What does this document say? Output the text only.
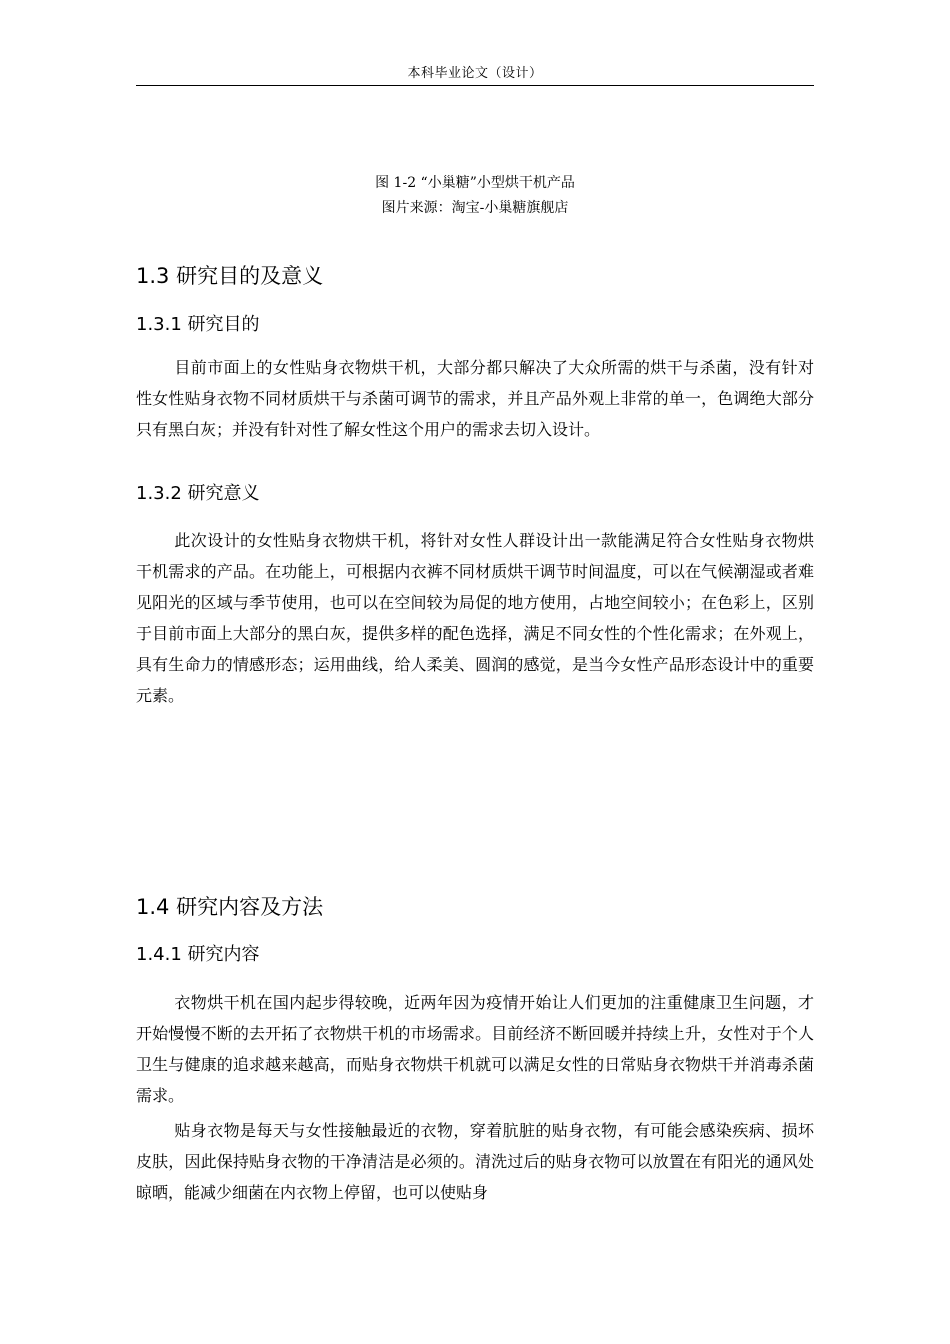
本科毕业论文（设计）
图 1-2 “小巢糖”小型烘干机产品
图片来源：淘宝-小巢糖旗舰店
1.3 研究目的及意义
1.3.1 研究目的

目前市面上的女性贴身衣物烘干机，大部分都只解决了大众所需的烘干与杀菌，没有针对性女性贴身衣物不同材质烘干与杀菌可调节的需求，并且产品外观上非常的单一，色调绝大部分只有黑白灰；并没有针对性了解女性这个用户的需求去切入设计。

1.3.2 研究意义

此次设计的女性贴身衣物烘干机，将针对女性人群设计出一款能满足符合女性贴身衣物烘干机需求的产品。在功能上，可根据内衣裤不同材质烘干调节时间温度，可以在气候潮湿或者难见阳光的区域与季节使用，也可以在空间较为局促的地方使用，占地空间较小；在色彩上，区别于目前市面上大部分的黑白灰，提供多样的配色选择，满足不同女性的个性化需求；在外观上，具有生命力的情感形态；运用曲线，给人柔美、圆润的感觉，是当今女性产品形态设计中的重要元素。

1.4 研究内容及方法
1.4.1 研究内容

衣物烘干机在国内起步得较晚，近两年因为疫情开始让人们更加的注重健康卫生问题，才开始慢慢不断的去开拓了衣物烘干机的市场需求。目前经济不断回暖并持续上升，女性对于个人卫生与健康的追求越来越高，而贴身衣物烘干机就可以满足女性的日常贴身衣物烘干并消毒杀菌需求。

贴身衣物是每天与女性接触最近的衣物，穿着肮脏的贴身衣物，有可能会感染疾病、损坏皮肤，因此保持贴身衣物的干净清洁是必须的。清洗过后的贴身衣物可以放置在有阳光的通风处晾晒，能减少细菌在内衣物上停留，也可以使贴身
